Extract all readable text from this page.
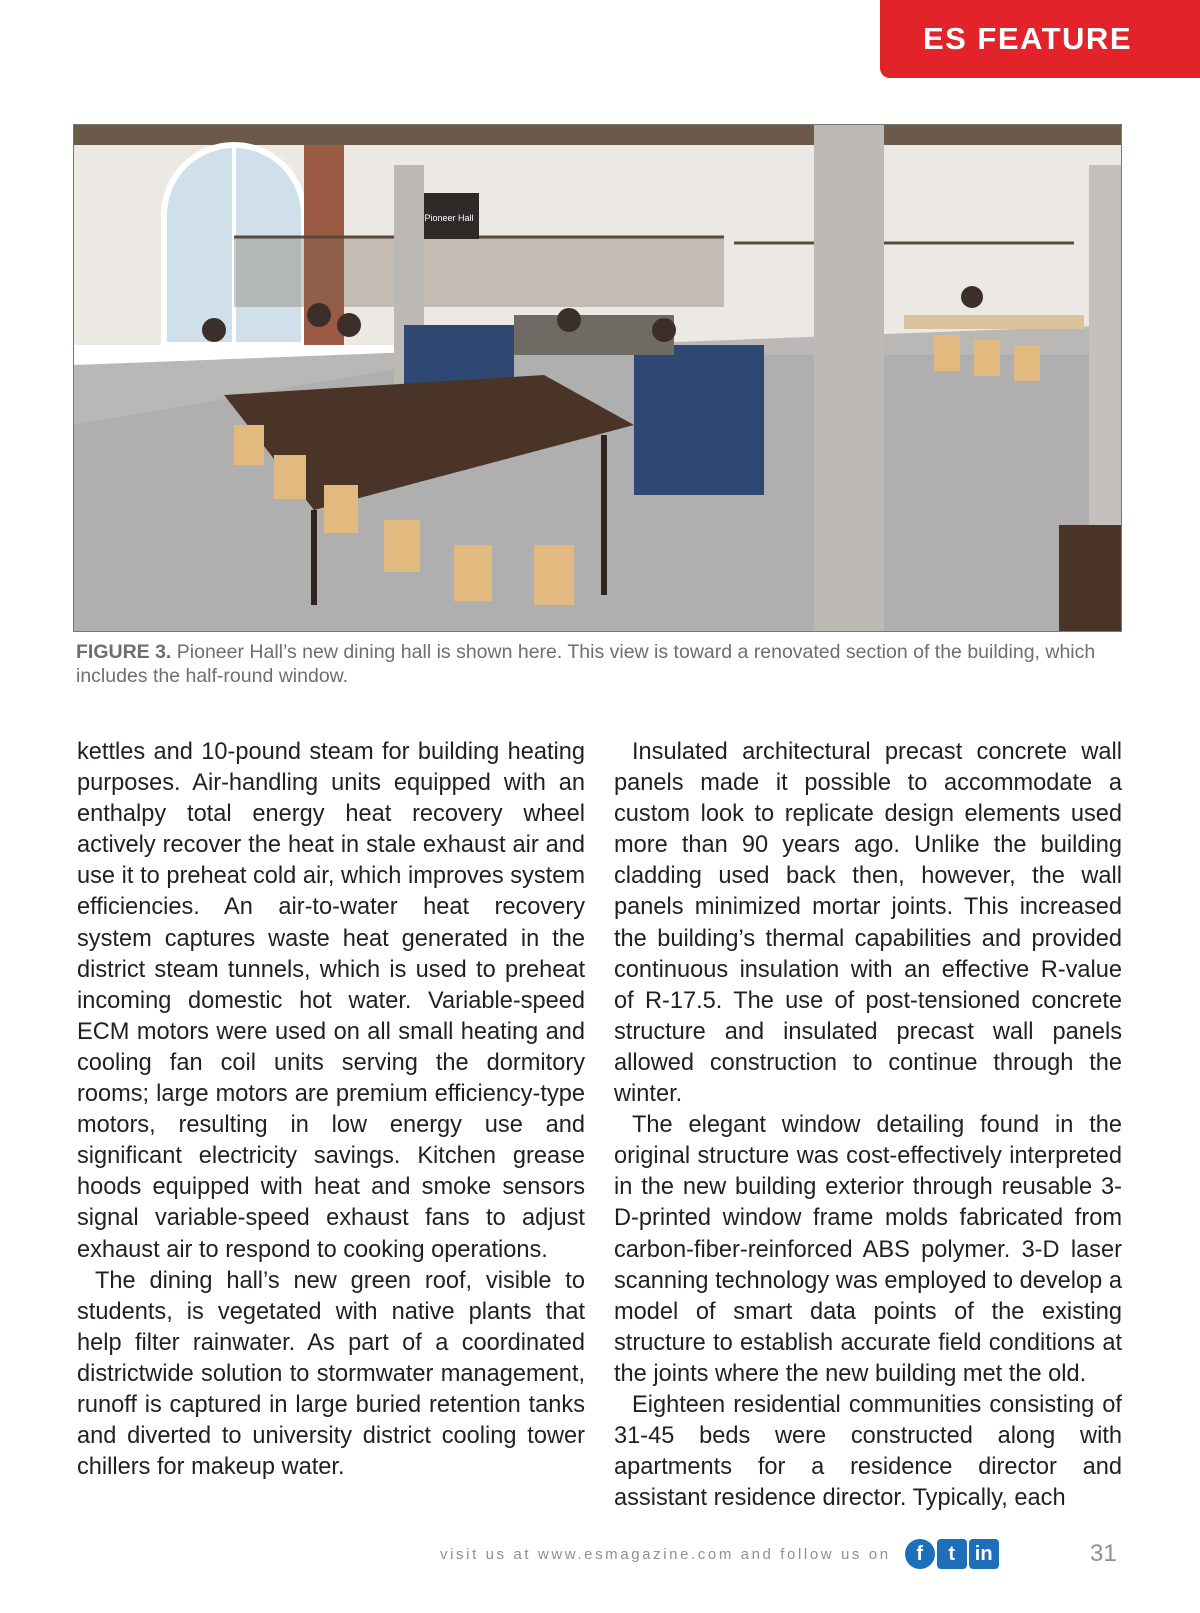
ES FEATURE
Pioneer Hall
FIGURE 3. Pioneer Hall’s new dining hall is shown here. This view is toward a renovated section of the building, which includes the half-round window.

kettles and 10-pound steam for building heating purposes. Air-handling units equipped with an enthalpy total energy heat recovery wheel actively recover the heat in stale exhaust air and use it to preheat cold air, which improves system efficiencies. An air-to-water heat recovery system captures waste heat generated in the district steam tunnels, which is used to preheat incoming domestic hot water. Variable-speed ECM motors were used on all small heating and cooling fan coil units serving the dormitory rooms; large motors are premium efficiency-type motors, resulting in low energy use and significant electricity savings. Kitchen grease hoods equipped with heat and smoke sensors signal variable-speed exhaust fans to adjust exhaust air to respond to cooking operations.

The dining hall’s new green roof, visible to students, is vegetated with native plants that help filter rainwater. As part of a coordinated districtwide solution to stormwater management, runoff is captured in large buried retention tanks and diverted to university district cooling tower chillers for makeup water.

Insulated architectural precast concrete wall panels made it possible to accommodate a custom look to replicate design elements used more than 90 years ago. Unlike the building cladding used back then, however, the wall panels minimized mortar joints. This increased the building’s thermal capabilities and provided continuous insulation with an effective R-value of R-17.5. The use of post-tensioned concrete structure and insulated precast wall panels allowed construction to continue through the winter.

The elegant window detailing found in the original structure was cost-effectively interpreted in the new building exterior through reusable 3-D-printed window frame molds fabricated from carbon-fiber-reinforced ABS polymer. 3-D laser scanning technology was employed to develop a model of smart data points of the existing structure to establish accurate field conditions at the joints where the new building met the old.

Eighteen residential communities consisting of 31-45 beds were constructed along with apartments for a residence director and assistant residence director. Typically, each

visit us at www.esmagazine.com and follow us on	f	t in	31
